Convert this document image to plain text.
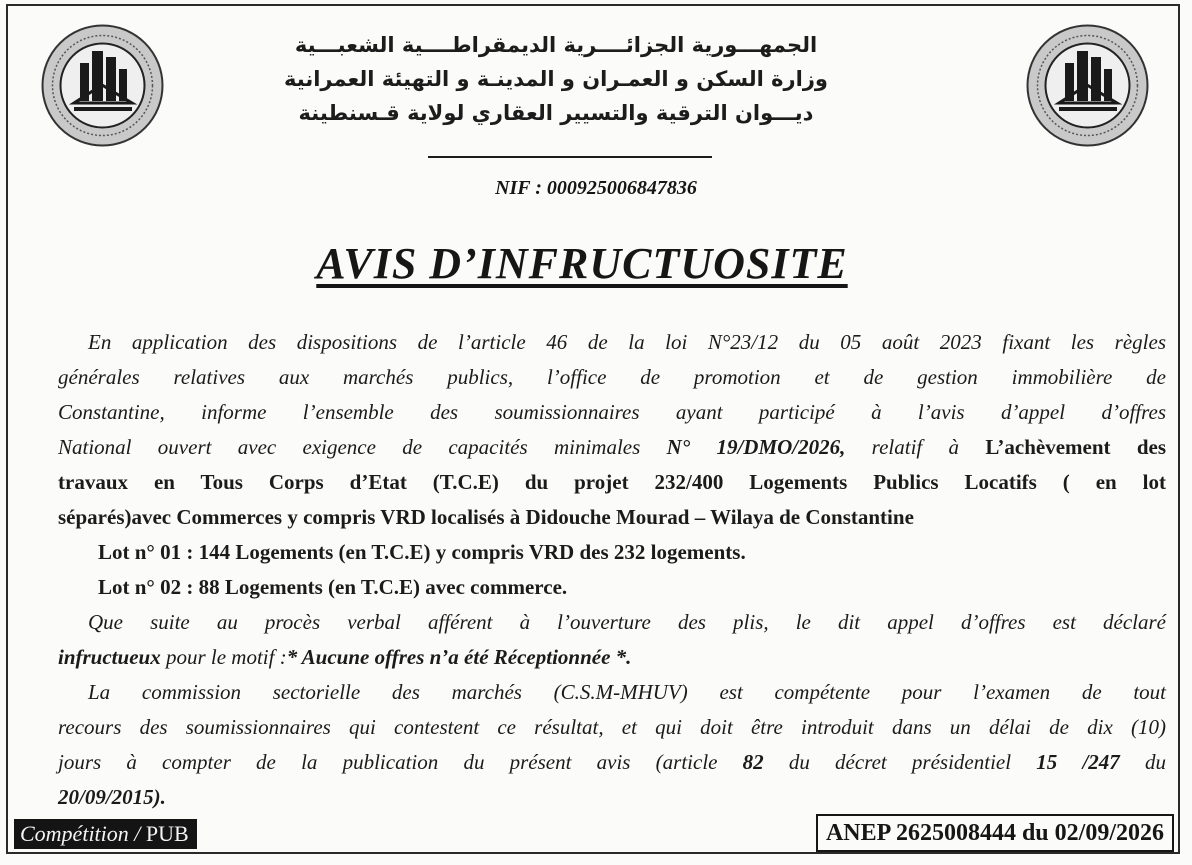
الجمهـــورية الجزائــــرية الديمقراطــــية الشعبـــية
وزارة السكن و العمـران و المدينـة و التهيئة العمرانية
ديـــوان الترقية والتسيير العقاري لولاية قـسنطينة
NIF : 000925006847836
AVIS D’INFRUCTUOSITE

En application des dispositions de l’article 46 de la loi N°23/12 du 05 août 2023 fixant les règles

générales relatives aux marchés publics, l’office de promotion et de gestion immobilière de

Constantine, informe l’ensemble des soumissionnaires ayant participé à l’avis d’appel d’offres

National ouvert avec exigence de capacités minimales N° 19/DMO/2026, relatif à L’achèvement des

travaux en Tous Corps d’Etat (T.C.E) du projet 232/400 Logements Publics Locatifs ( en lot

séparés)avec Commerces y compris VRD localisés à Didouche Mourad – Wilaya de Constantine

Lot n° 01 : 144 Logements (en T.C.E) y compris VRD des 232 logements.

Lot n° 02 : 88 Logements (en T.C.E) avec commerce.

Que suite au procès verbal afférent à l’ouverture des plis, le dit appel d’offres est déclaré

infructueux pour le motif :* Aucune offres n’a été Réceptionnée *.

La commission sectorielle des marchés (C.S.M-MHUV) est compétente pour l’examen de tout

recours des soumissionnaires qui contestent ce résultat, et qui doit être introduit dans un délai de dix (10)

jours à compter de la publication du présent avis (article 82 du décret présidentiel 15 /247 du

20/09/2015).

Compétition / PUB	ANEP 2625008444 du 02/09/2026
